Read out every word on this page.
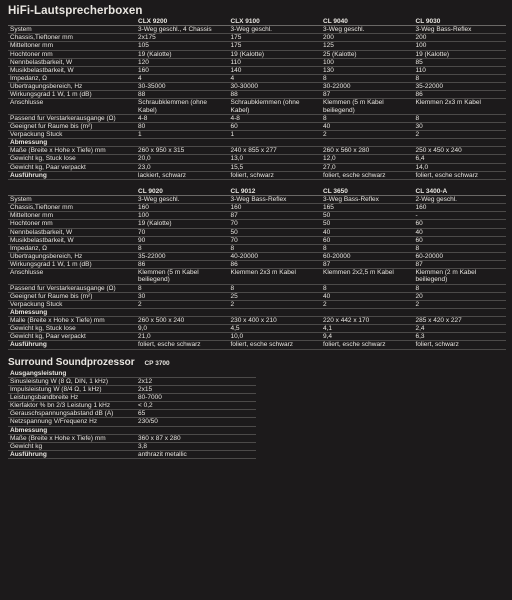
HiFi-Lautsprecherboxen
	CLX 9200	CLX 9100	CL 9040	CL 9030
System	3-Weg geschl., 4 Chassis	3-Weg geschl.	3-Weg geschl.	3-Weg Bass-Reflex
Chassis,Tieftoner mm	2x175	175	200	200
Mitteltoner mm	105	175	125	100
Hochtoner mm	19 (Kalotte)	19 (Kalotte)	25 (Kalotte)	19 (Kalotte)
Nennbelastbarkeit, W	120	110	100	85
Musikbelastbarkeit, W	160	140	130	110
Impedanz, Ω	4	4	8	8
Ubertragungsbereich, Hz	30-35000	30-30000	30-22000	35-22000
Wirkungsgrad 1 W, 1 m (dB)	88	88	87	86
Anschlusse	Schraubklemmen (ohne Kabel)	Schraubklemmen (ohne Kabel)	Klemmen (5 m Kabel beiliegend)	Klemmen 2x3 m Kabel
Passend fur Verstarkerausgange (Ω)	4-8	4-8	8	8
Geeignet fur Raume bis (m²)	80	60	40	30
Verpackung Stuck	1	1	2	2
Abmessung				
Maße (Breite x Hohe x Tiefe) mm	260 x 950 x 315	240 x 855 x 277	260 x 560 x 280	250 x 450 x 240
Gewicht kg, Stuck lose	20,0	13,0	12,0	6,4
Gewicht kg, Paar verpackt	23,0	15,5	27,0	14,0
Ausführung	lackiert, schwarz	foliert, schwarz	foliert, esche schwarz	foliert, esche schwarz
	CL 9020	CL 9012	CL 3650	CL 3400-A
System	3-Weg geschl.	3-Weg Bass-Reflex	3-Weg Bass-Reflex	2-Weg geschl.
Chassis,Tieftoner mm	160	160	165	160
Mitteltoner mm	100	87	50	-
Hochtoner mm	19 (Kalotte)	70	50	60
Nennbelastbarkeit, W	70	50	40	40
Musikbelastbarkeit, W	90	70	60	60
Impedanz, Ω	8	8	8	8
Ubertragungsbereich, Hz	35-22000	40-20000	60-20000	60-20000
Wirkungsgrad 1 W, 1 m (dB)	86	86	87	87
Anschlusse	Klemmen (5 m Kabel beiliegend)	Klemmen 2x3 m Kabel	Klemmen 2x2,5 m Kabel	Klemmen (2 m Kabel beiliegend)
Passend fur Verstarkerausgange (Ω)	8	8	8	8
Geeignet fur Raume bis (m²)	30	25	40	20
Verpackung Stuck	2	2	2	2
Abmessung				
Malle (Breite x Hohe x Tiefe) mm	260 x 500 x 240	230 x 400 x 210	220 x 442 x 170	285 x 420 x 227
Gewicht kg, Stuck lose	9,0	4,5	4,1	2,4
Gewicht kg, Paar verpackt	21,0	10,0	9,4	6,3
Ausführung	foliert, esche schwarz	foliert, esche schwarz	foliert, esche schwarz	foliert, schwarz
Surround Soundprozessor CP 3700
Ausgangsleistung	
Sinusleistung W (8 Ω, DIN, 1 kHz)	2x12
Impulsleistung W (8/4 Ω, 1 kHz)	2x15
Leistungsbandbreite Hz	80-7000
Klerfaktor % bn 2/3 Leistung 1 kHz	< 0,2
Gerauschspannungsabstand dB (A)	65
Netzspannung V/Frequenz Hz	230/50
Abmessung	
Maße (Breite x Hohe x Tiefe) mm	360 x 87 x 280
Gewicht kg	3,8
Ausführung	anthrazit metallic
